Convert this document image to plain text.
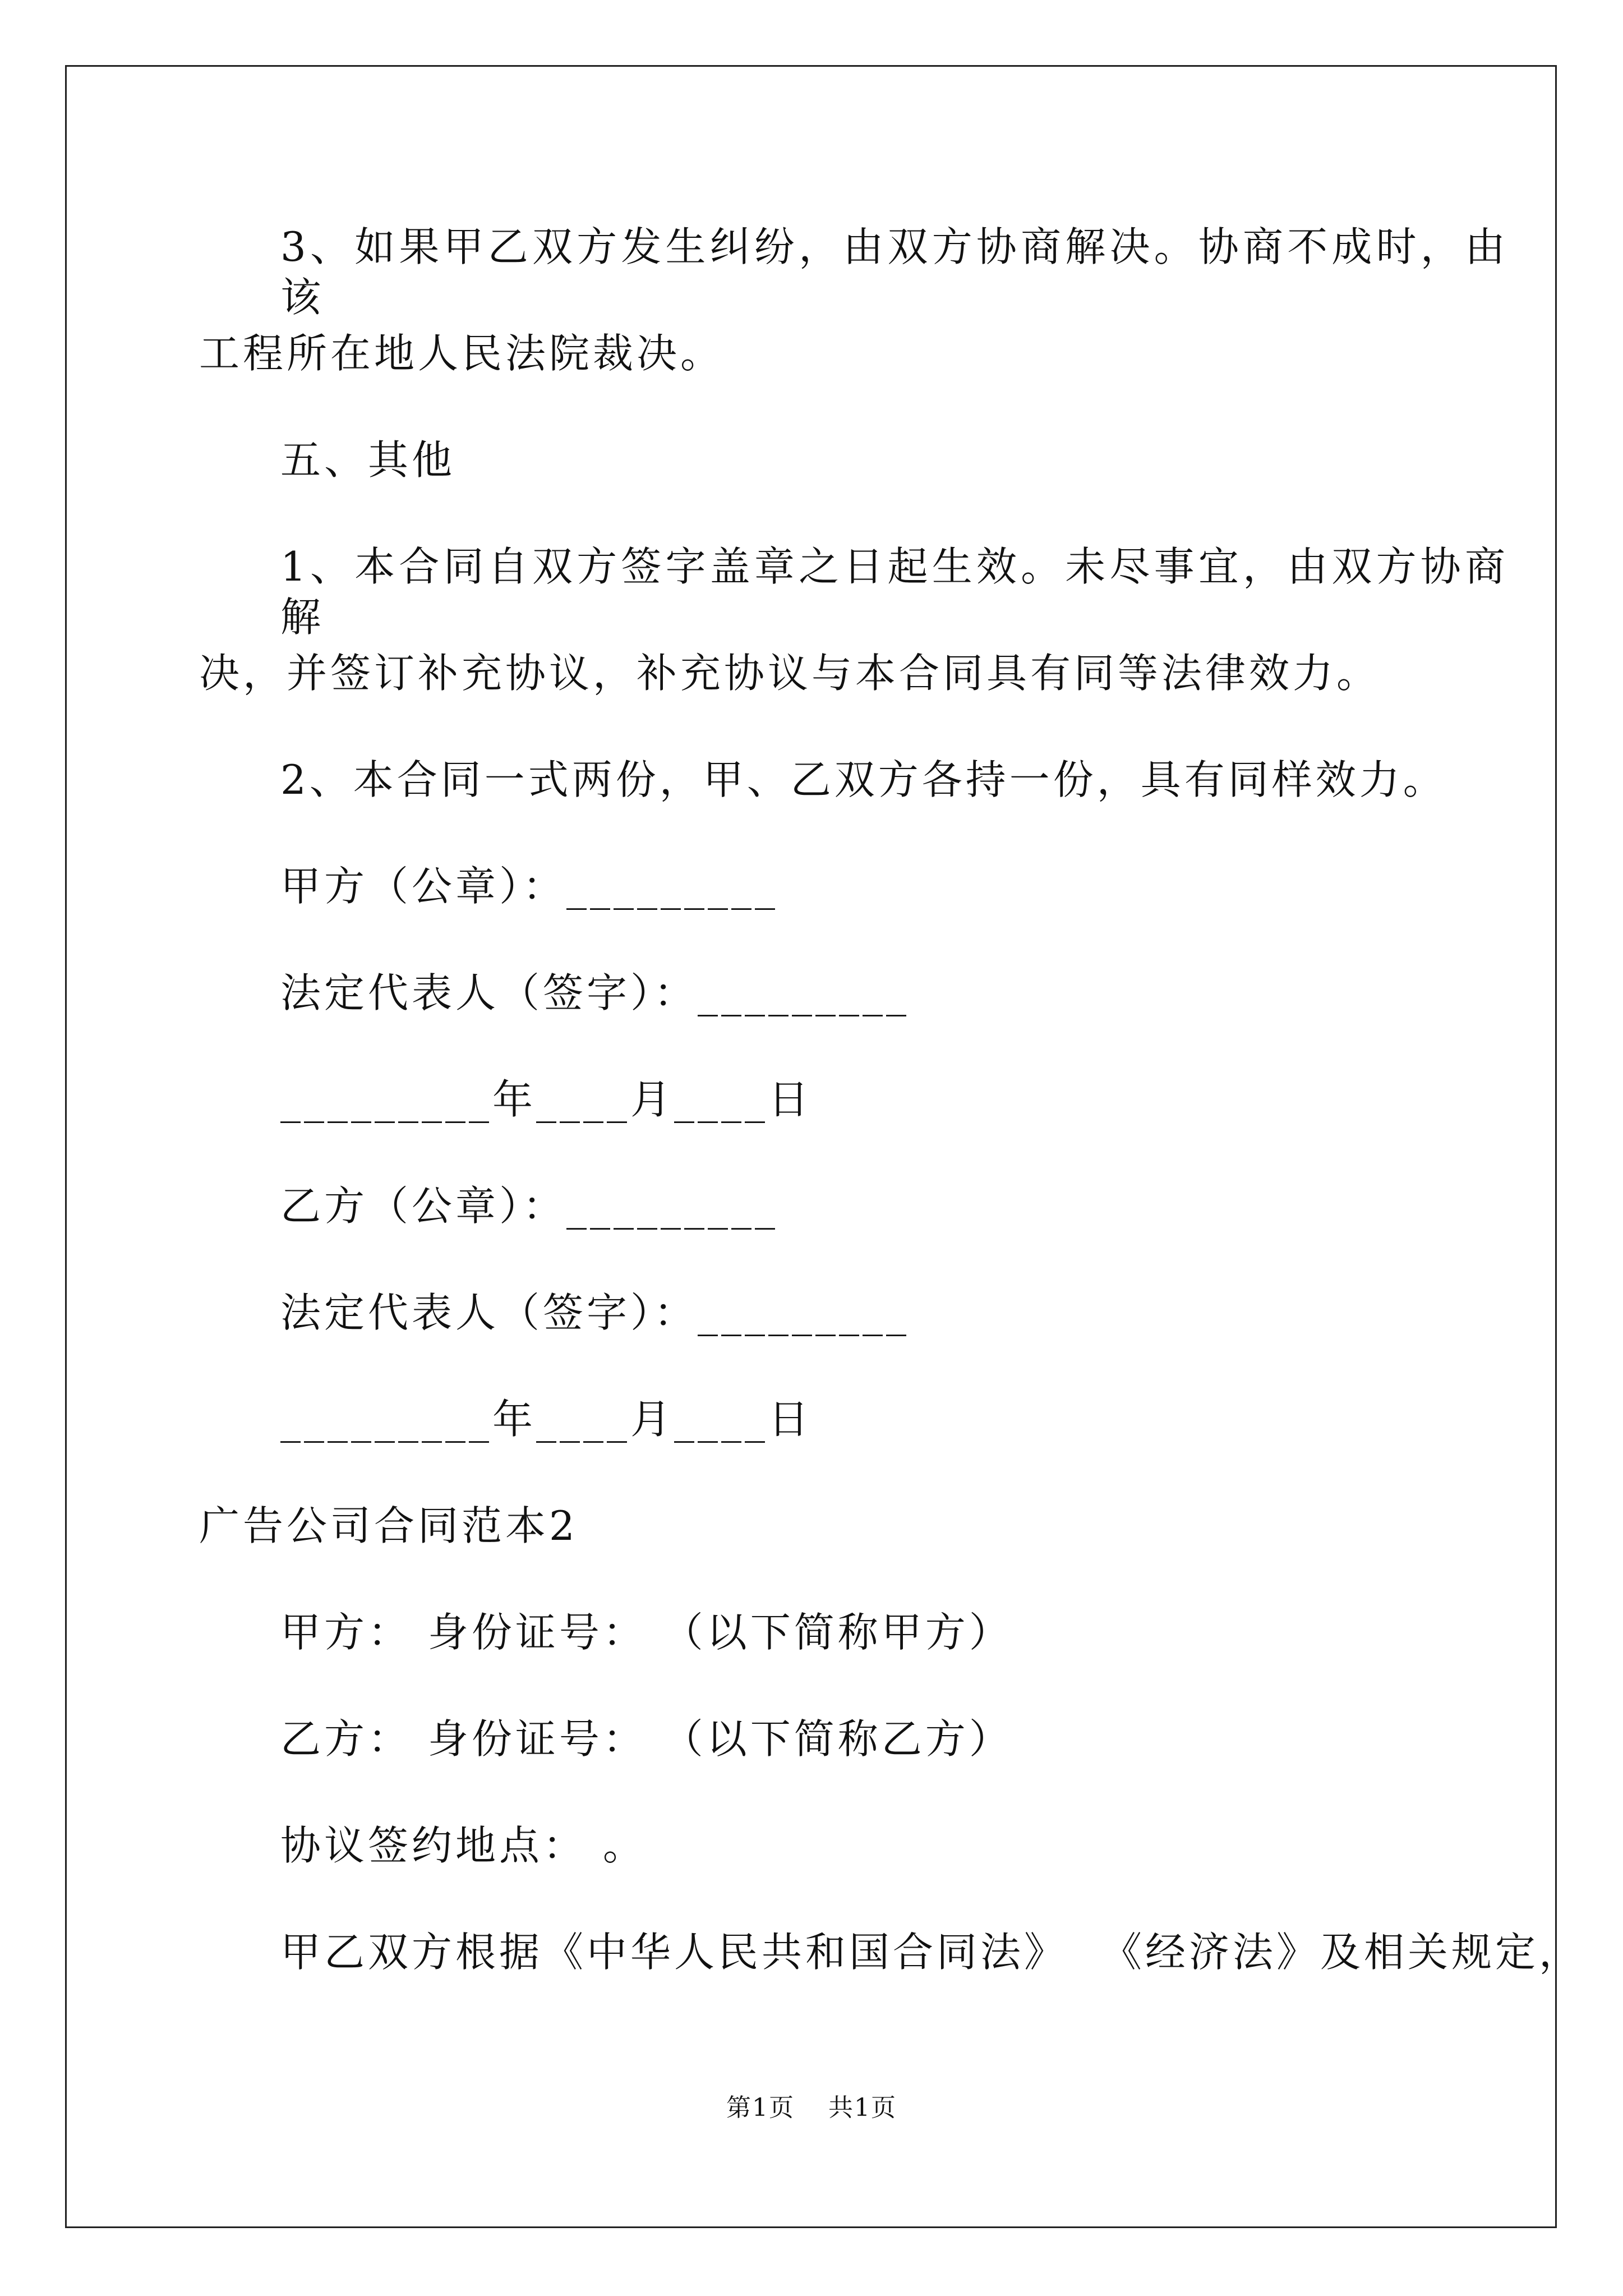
3、如果甲乙双方发生纠纷，由双方协商解决。协商不成时，由该
工程所在地人民法院裁决。
五、其他
1、本合同自双方签字盖章之日起生效。未尽事宜，由双方协商解
决，并签订补充协议，补充协议与本合同具有同等法律效力。
2、本合同一式两份，甲、乙双方各持一份，具有同样效力。
甲方（公章）：_________
法定代表人（签字）：_________
_________年____月____日
乙方（公章）：_________
法定代表人（签字）：_________
_________年____月____日
广告公司合同范本2
甲方： 身份证号： （以下简称甲方）
乙方： 身份证号： （以下简称乙方）
协议签约地点： 。
甲乙双方根据《中华人民共和国合同法》 《经济法》及相关规定，
第1页 共1页
